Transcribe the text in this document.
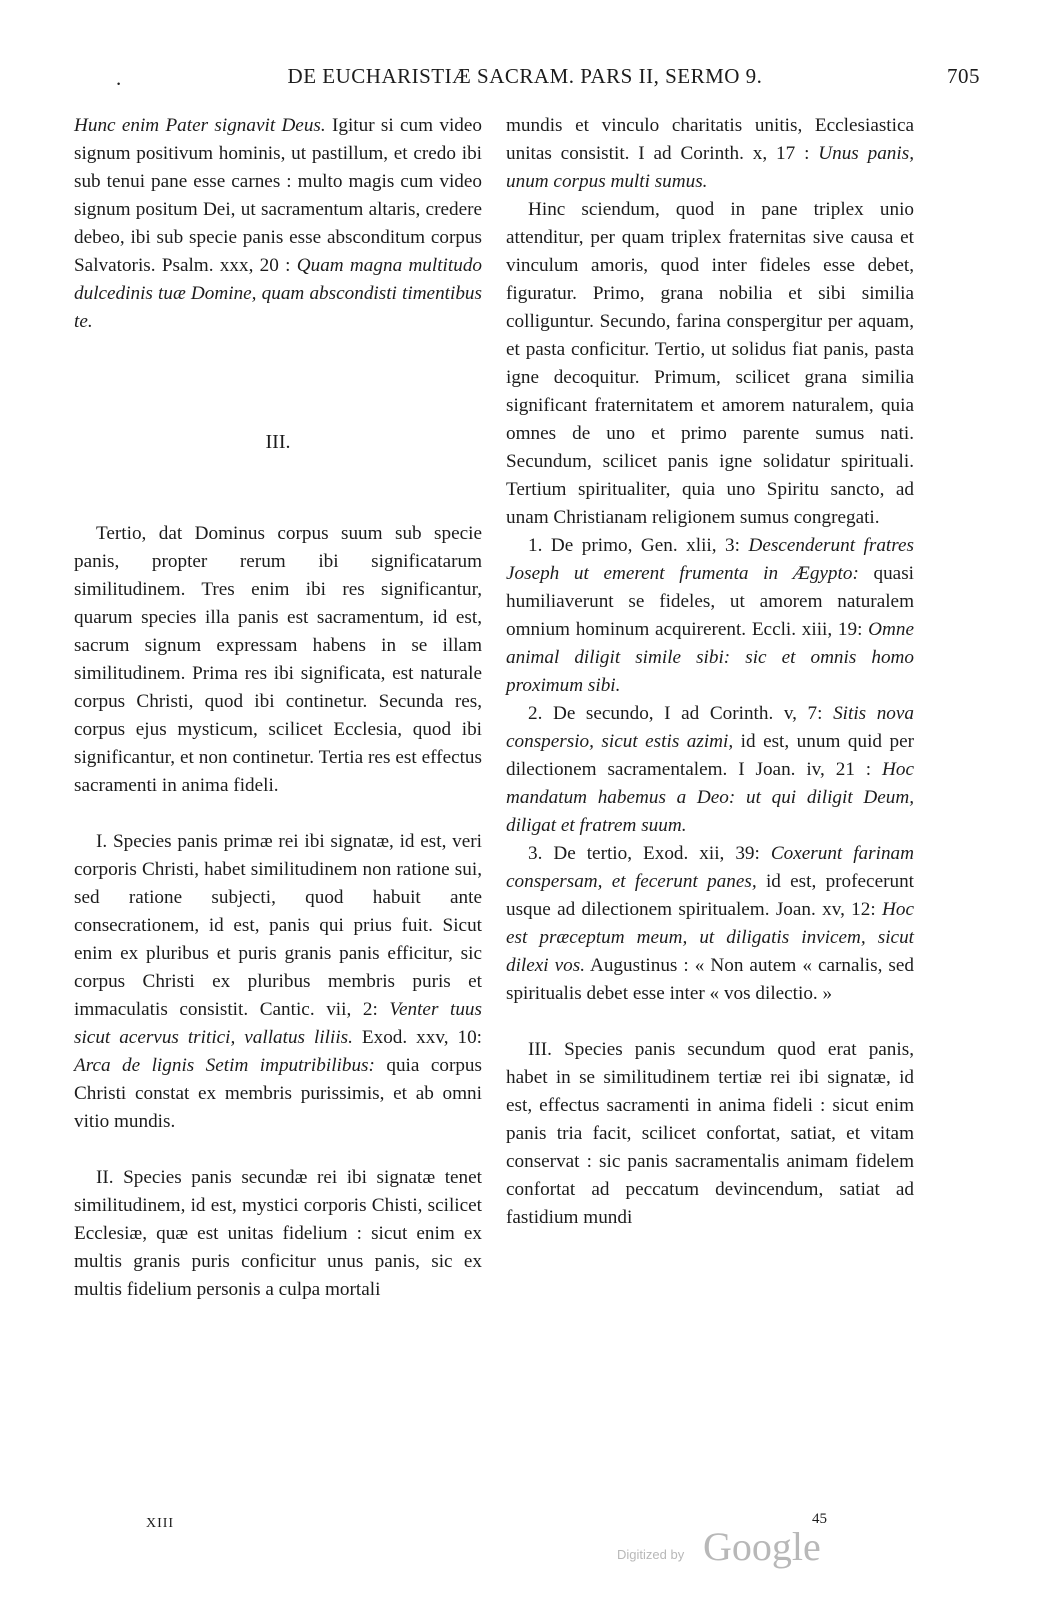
.	DE EUCHARISTIÆ SACRAM. PARS II, SERMO 9.	705

Hunc enim Pater signavit Deus. Igitur si cum video signum positivum hominis, ut pastillum, et credo ibi sub tenui pane esse carnes : multo magis cum video signum positum Dei, ut sacramentum altaris, credere debeo, ibi sub specie panis esse absconditum corpus Salvatoris. Psalm. xxx, 20 : Quam magna multitudo dulcedinis tuæ Domine, quam abscondisti timentibus te.

III.

Tertio, dat Dominus corpus suum sub specie panis, propter rerum ibi significatarum similitudinem. Tres enim ibi res significantur, quarum species illa panis est sacramentum, id est, sacrum signum expressam habens in se illam similitudinem. Prima res ibi significata, est naturale corpus Christi, quod ibi continetur. Secunda res, corpus ejus mysticum, scilicet Ecclesia, quod ibi significantur, et non continetur. Tertia res est effectus sacramenti in anima fideli.

I. Species panis primæ rei ibi signatæ, id est, veri corporis Christi, habet similitudinem non ratione sui, sed ratione subjecti, quod habuit ante consecrationem, id est, panis qui prius fuit. Sicut enim ex pluribus et puris granis panis efficitur, sic corpus Christi ex pluribus membris puris et immaculatis consistit. Cantic. vii, 2: Venter tuus sicut acervus tritici, vallatus liliis. Exod. xxv, 10: Arca de lignis Setim imputribilibus: quia corpus Christi constat ex membris purissimis, et ab omni vitio mundis.

II. Species panis secundæ rei ibi signatæ tenet similitudinem, id est, mystici corporis Chisti, scilicet Ecclesiæ, quæ est unitas fidelium : sicut enim ex multis granis puris conficitur unus panis, sic ex multis fidelium personis a culpa mortali

mundis et vinculo charitatis unitis, Ecclesiastica unitas consistit. I ad Corinth. x, 17 : Unus panis, unum corpus multi sumus.

Hinc sciendum, quod in pane triplex unio attenditur, per quam triplex fraternitas sive causa et vinculum amoris, quod inter fideles esse debet, figuratur. Primo, grana nobilia et sibi similia colliguntur. Secundo, farina conspergitur per aquam, et pasta conficitur. Tertio, ut solidus fiat panis, pasta igne decoquitur. Primum, scilicet grana similia significant fraternitatem et amorem naturalem, quia omnes de uno et primo parente sumus nati. Secundum, scilicet panis igne solidatur spirituali. Tertium spiritualiter, quia uno Spiritu sancto, ad unam Christianam religionem sumus congregati.

1. De primo, Gen. xlii, 3: Descenderunt fratres Joseph ut emerent frumenta in Ægypto: quasi humiliaverunt se fideles, ut amorem naturalem omnium hominum acquirerent. Eccli. xiii, 19: Omne animal diligit simile sibi: sic et omnis homo proximum sibi.

2. De secundo, I ad Corinth. v, 7: Sitis nova conspersio, sicut estis azimi, id est, unum quid per dilectionem sacramentalem. I Joan. iv, 21 : Hoc mandatum habemus a Deo: ut qui diligit Deum, diligat et fratrem suum.

3. De tertio, Exod. xii, 39: Coxerunt farinam conspersam, et fecerunt panes, id est, profecerunt usque ad dilectionem spiritualem. Joan. xv, 12: Hoc est præceptum meum, ut diligatis invicem, sicut dilexi vos. Augustinus : « Non autem « carnalis, sed spiritualis debet esse inter « vos dilectio. »

III. Species panis secundum quod erat panis, habet in se similitudinem tertiæ rei ibi signatæ, id est, effectus sacramenti in anima fideli : sicut enim panis tria facit, scilicet confortat, satiat, et vitam conservat : sic panis sacramentalis animam fidelem confortat ad peccatum devincendum, satiat ad fastidium mundi

XIII	45
Digitized by Google
